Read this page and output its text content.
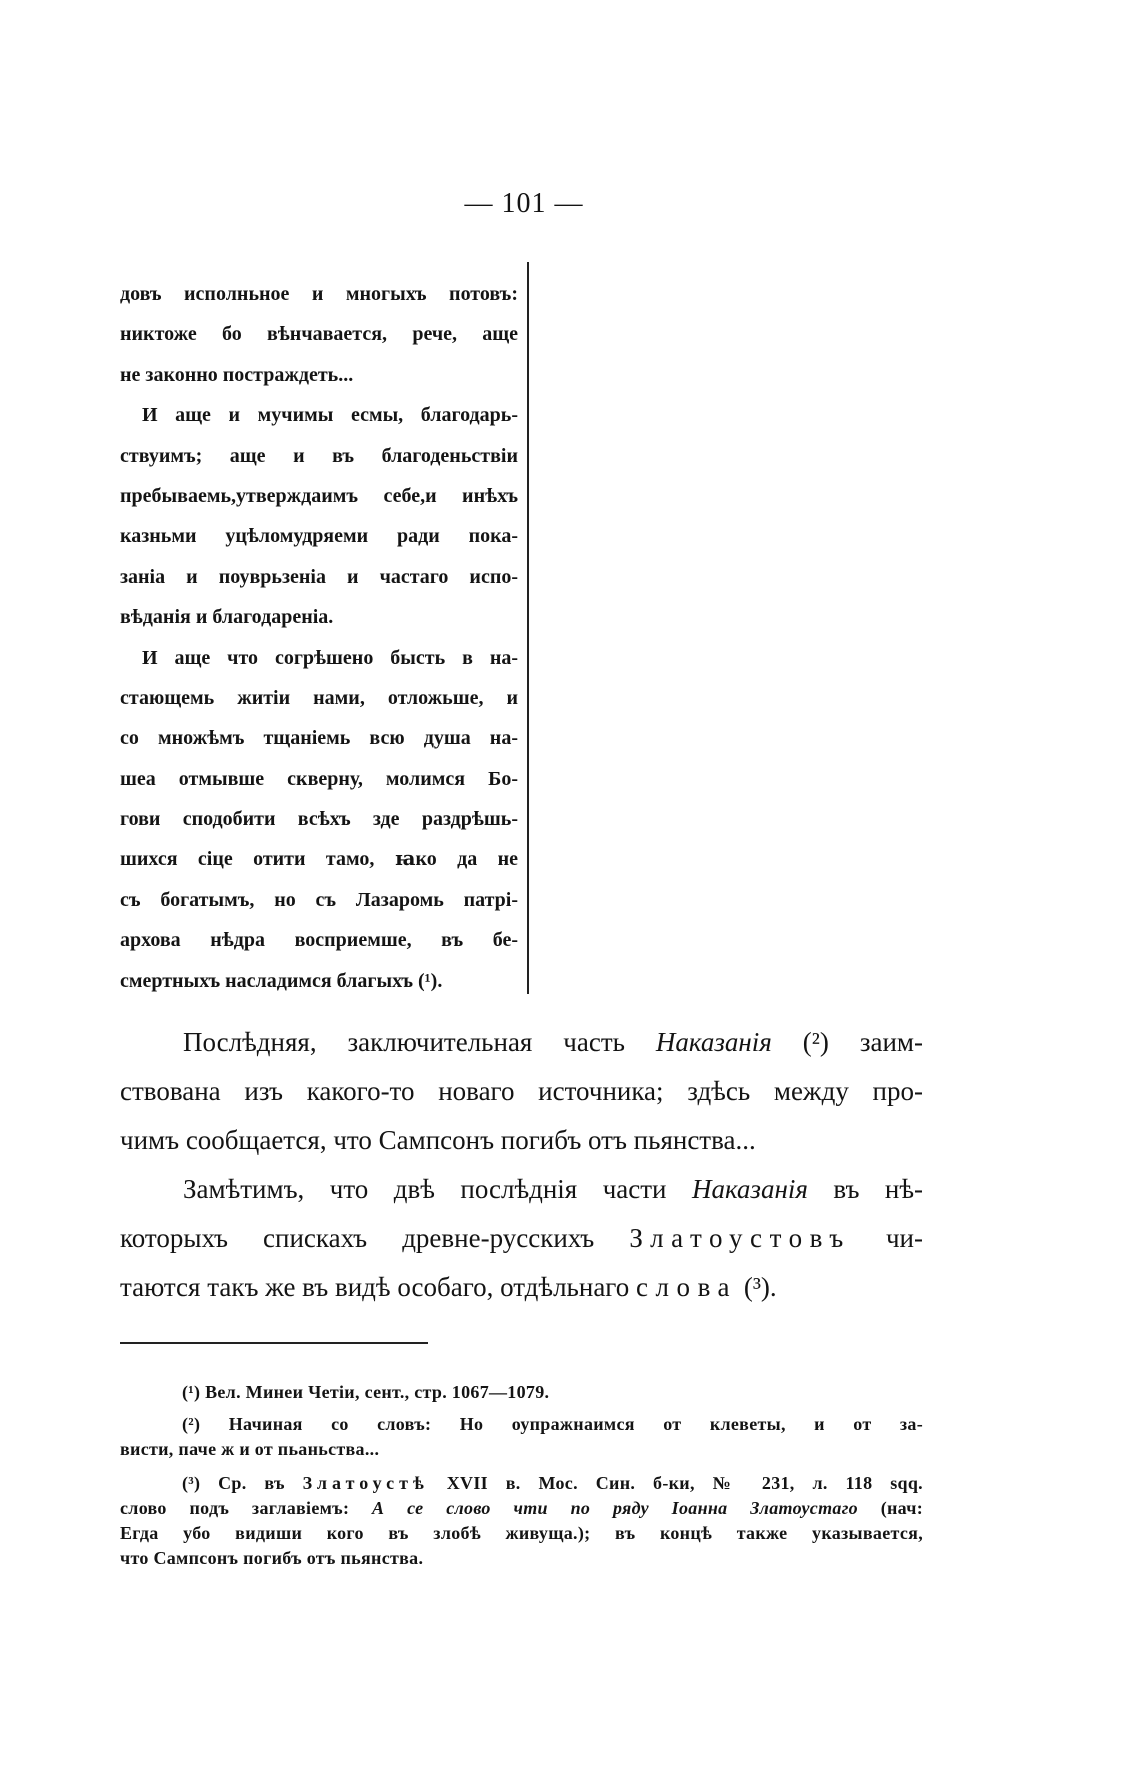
— 101 —
довъ исполньное и многыхъ потовъ:
никтоже бо вѣнчавается, рече, аще
не законно постраждеть...
И аще и мучимы есмы, благодарь-
ствуимъ; аще и въ благоденьствіи
пребываемь,утверждаимъ себе,и инѣхъ
казньми уцѣломудряеми ради пока-
заніа и поуврьзеніа и частаго испо-
вѣданія и благодареніа.
И аще что согрѣшено бысть в на-
стающемь житіи нами, отложьше, и
со множѣмъ тщаніемь всю душа на-
шеа отмывше скверну, молимся Бо-
гови сподобити всѣхъ зде раздрѣшь-
шихся сіце отити тамо, ꙗко да не
съ богатымъ, но съ Лазаромь патрі-
архова нѣдра восприемше, въ бе-
смертныхъ насладимся благыхъ (¹).
Послѣдняя, заключительная часть Наказанія (²) заим-
ствована изъ какого-то новаго источника; здѣсь между про-
чимъ сообщается, что Сампсонъ погибъ отъ пьянства...
Замѣтимъ, что двѣ послѣднія части Наказанія въ нѣ-
которыхъ спискахъ древне-русскихъ Златоустовъ чи-
таются такъ же въ видѣ особаго, отдѣльнаго слова (³).
(¹) Вел. Минеи Четіи, сент., стр. 1067—1079.
(²) Начиная со словъ: Но оупражнаимся от клеветы, и от за-
висти, паче ж и от пьаньства...
(³) Ср. въ Златоустѣ XVII в. Мос. Син. б-ки, № 231, л. 118 sqq.
слово подъ заглавіемъ: А се слово чти по ряду Іоанна Златоустаго (нач:
Егда убо видиши кого въ злобѣ живуща.); въ концѣ также указывается,
что Сампсонъ погибъ отъ пьянства.
